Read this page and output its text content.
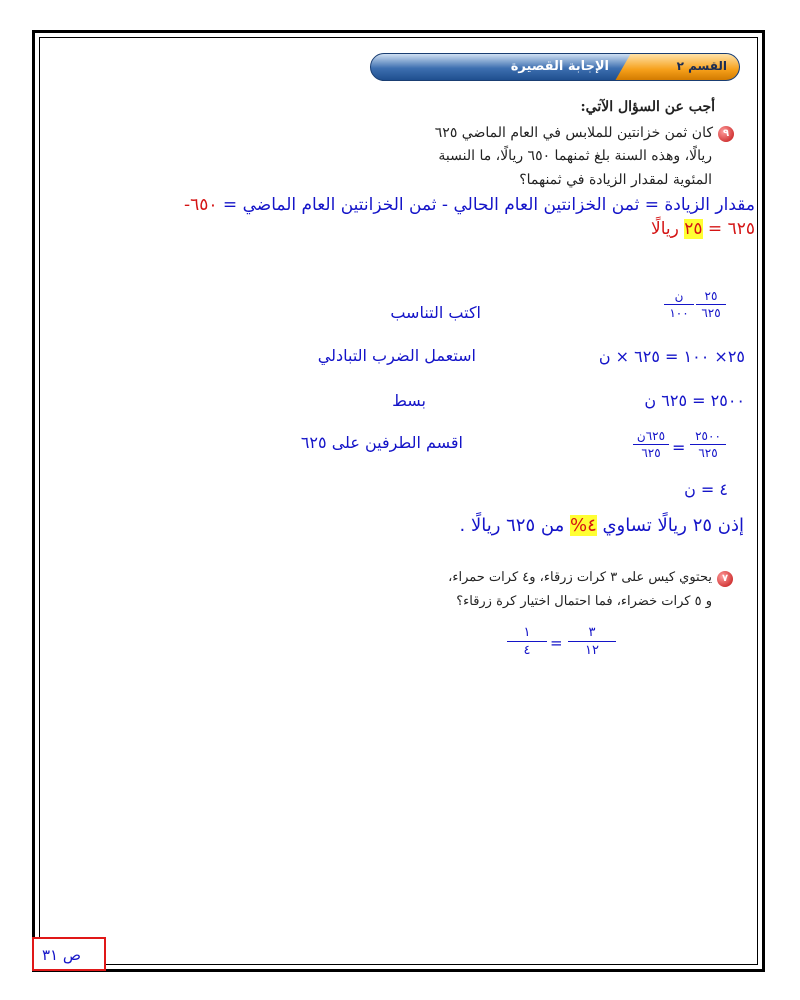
القسم ٢
الإجابة القصيرة
أجب عن السؤال الآتي:
٩
كان ثمن خزانتين للملابس في العام الماضي ٦٢٥
ريالًا، وهذه السنة بلغ ثمنهما ٦٥٠ ريالًا، ما النسبة
المئوية لمقدار الزيادة في ثمنهما؟
مقدار الزيادة = ثمن الخزانتين العام الحالي - ثمن الخزانتين العام الماضي = ٦٥٠-
٦٢٥ = ٢٥ ريالًا
٢٥
٦٢٥
ن
١٠٠
اكتب التناسب
٢٥× ١٠٠ = ٦٢٥ × ن
استعمل الضرب التبادلي
٢٥٠٠ = ٦٢٥ ن
بسط
٢٥٠٠
٦٢٥
=
٦٢٥ن
٦٢٥
اقسم الطرفين على ٦٢٥
٤ = ن
إذن ٢٥ ريالًا تساوي ٤% من ٦٢٥ ريالًا .
٧
يحتوي كيس على ٣ كرات زرقاء، و٤ كرات حمراء،
و ٥ كرات خضراء، فما احتمال اختيار كرة زرقاء؟
٣
١٢
=
١
٤
ص ٣١
